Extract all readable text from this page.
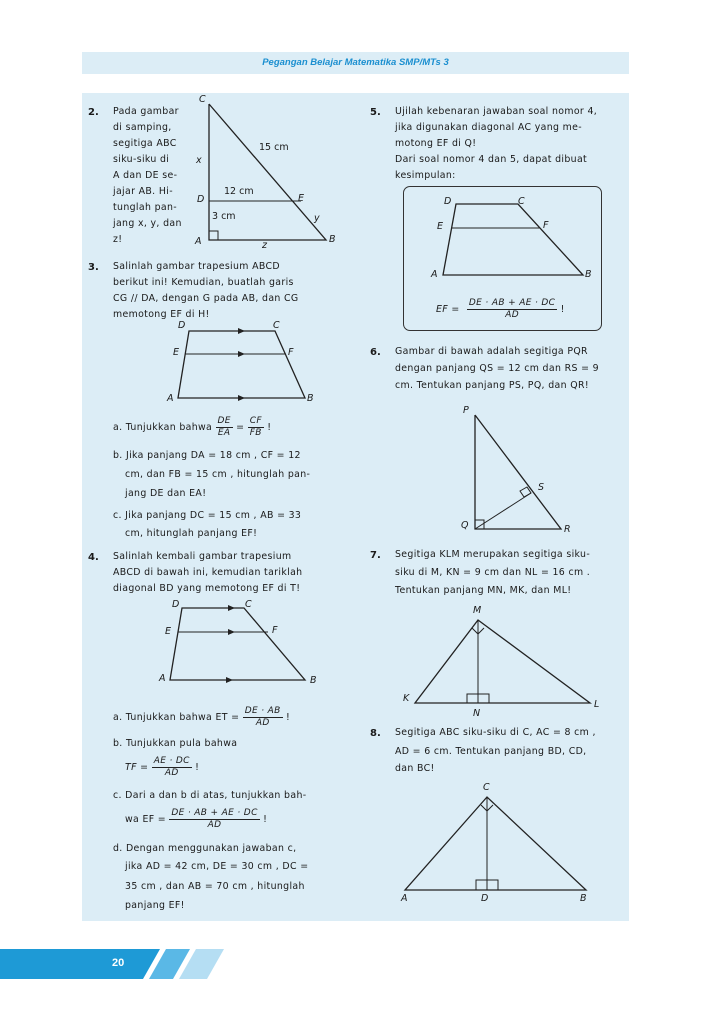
Pegangan Belajar Matematika SMP/MTs 3
2. Pada gambar
di samping,
segitiga ABC
siku-siku di
A dan DE se-
jajar AB. Hi-
tunglah pan-
jang x, y, dan
z!
C
A	B
D	E
x
y
z
15 cm
12 cm
3 cm
3. Salinlah gambar trapesium ABCD
berikut ini! Kemudian, buatlah garis
CG // DA, dengan G pada AB, dan CG
memotong EF di H!
D	C
E	F
A	B
a. Tunjukkan bahwa $\frac{DE}{EA} = \frac{CF}{FB}$ !
b. Jika panjang DA = 18 cm , CF = 12
cm, dan FB = 15 cm , hitunglah pan-
jang DE dan EA!
c. Jika panjang DC = 15 cm , AB = 33
cm, hitunglah panjang EF!
4. Salinlah kembali gambar trapesium
ABCD di bawah ini, kemudian tariklah
diagonal BD yang memotong EF di T!
D	C
E	F
A	B
a. Tunjukkan bahwa ET = $\frac{DE \cdot AB}{AD}$ !
b. Tunjukkan pula bahwa
TF = $\frac{AE \cdot DC}{AD}$ !
c. Dari a dan b di atas, tunjukkan bah-
wa EF = $\frac{DE \cdot AB + AE \cdot DC}{AD}$ !
d. Dengan menggunakan jawaban c,
jika AD = 42 cm, DE = 30 cm , DC =
35 cm , dan AB = 70 cm , hitunglah
panjang EF!
5. Ujilah kebenaran jawaban soal nomor 4,
jika digunakan diagonal AC yang me-
motong EF di Q!
Dari soal nomor 4 dan 5, dapat dibuat
kesimpulan:
D	C
E	F
A	B
EF = $\frac{DE \cdot AB + AE \cdot DC}{AD}$ !
6. Gambar di bawah adalah segitiga PQR
dengan panjang QS = 12 cm dan RS = 9
cm. Tentukan panjang PS, PQ, dan QR!
P
Q	R
S
7. Segitiga KLM merupakan segitiga siku-
siku di M, KN = 9 cm dan NL = 16 cm .
Tentukan panjang MN, MK, dan ML!
M
K
L
N
8. Segitiga ABC siku-siku di C, AC = 8 cm ,
AD = 6 cm. Tentukan panjang BD, CD,
dan BC!
C
A	B
D
20
